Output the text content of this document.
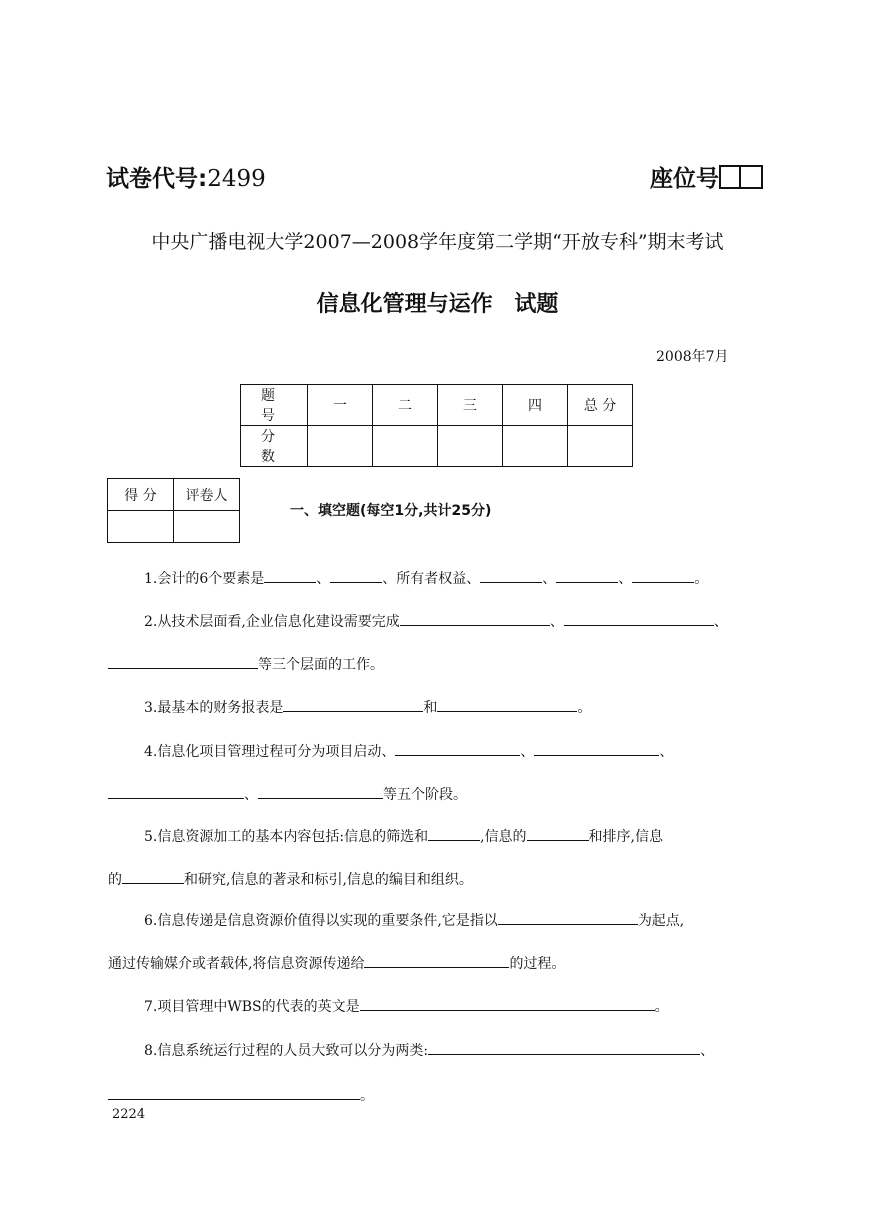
试卷代号:2499	座位号
中央广播电视大学2007—2008学年度第二学期“开放专科”期末考试
信息化管理与运作 试题
2008年7月
题 号	一	二	三	四	总 分
分 数					
得 分	评卷人

一、填空题(每空1分,共计25分)
1.会计的6个要素是	、	、所有者权益、	、	、	。
2.从技术层面看,企业信息化建设需要完成	、	、
等三个层面的工作。
3.最基本的财务报表是	和	。
4.信息化项目管理过程可分为项目启动、	、	、
、	等五个阶段。
5.信息资源加工的基本内容包括:信息的筛选和	,信息的	和排序,信息
的	和研究,信息的著录和标引,信息的编目和组织。
6.信息传递是信息资源价值得以实现的重要条件,它是指以	为起点,
通过传输媒介或者载体,将信息资源传递给	的过程。
7.项目管理中WBS的代表的英文是	。
8.信息系统运行过程的人员大致可以分为两类:	、
。
2224
